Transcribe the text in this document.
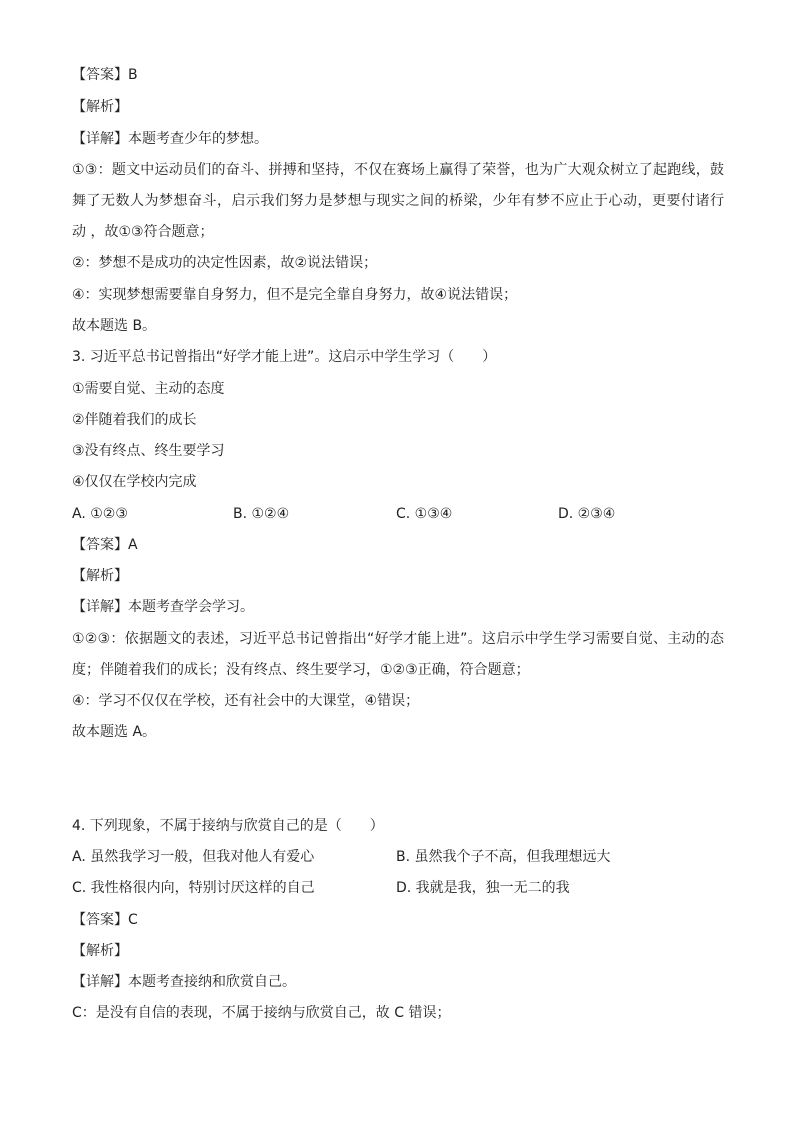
【答案】B
【解析】
【详解】本题考查少年的梦想。
①③：题文中运动员们的奋斗、拼搏和坚持，不仅在赛场上赢得了荣誉，也为广大观众树立了起跑线，鼓
舞了无数人为梦想奋斗，启示我们努力是梦想与现实之间的桥梁，少年有梦不应止于心动，更要付诸行
动 ，故①③符合题意；
②：梦想不是成功的决定性因素，故②说法错误；
④：实现梦想需要靠自身努力，但不是完全靠自身努力，故④说法错误；
故本题选 B。
3. 习近平总书记曾指出“好学才能上进”。这启示中学生学习（　　）
①需要自觉、主动的态度
②伴随着我们的成长
③没有终点、终生要学习
④仅仅在学校内完成
A. ①②③	B. ①②④	C. ①③④	D. ②③④
【答案】A
【解析】
【详解】本题考查学会学习。
①②③：依据题文的表述，习近平总书记曾指出“好学才能上进”。这启示中学生学习需要自觉、主动的态
度；伴随着我们的成长；没有终点、终生要学习，①②③正确，符合题意；
④：学习不仅仅在学校，还有社会中的大课堂，④错误；
故本题选 A。
4. 下列现象，不属于接纳与欣赏自己的是（　　）
A. 虽然我学习一般，但我对他人有爱心	B. 虽然我个子不高，但我理想远大
C. 我性格很内向，特别讨厌这样的自己	D. 我就是我，独一无二的我
【答案】C
【解析】
【详解】本题考查接纳和欣赏自己。
C：是没有自信的表现，不属于接纳与欣赏自己，故 C 错误；
